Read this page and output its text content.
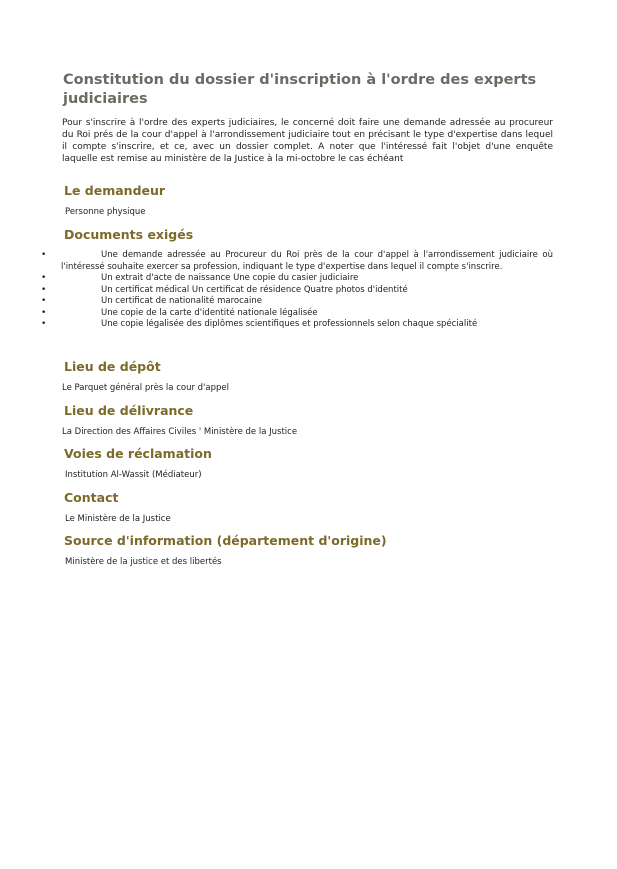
Constitution du dossier d'inscription à l'ordre des experts judiciaires

Pour s'inscrire à l'ordre des experts judiciaires, le concerné doit faire une demande adressée au procureur du Roi prés de la cour d'appel à l'arrondissement judiciaire tout en précisant le type d'expertise dans lequel il compte s'inscrire, et ce, avec un dossier complet. A noter que l'intéressé fait l'objet d'une enquête laquelle est remise au ministère de la Justice à la mi-octobre le cas échéant

Le demandeur

Personne physique

Documents exigés
•	Une demande adressée au Procureur du Roi près de la cour d'appel à l'arrondissement judiciaire où l'intéressé souhaite exercer sa profession, indiquant le type d'expertise dans lequel il compte s'inscrire.
•	Un extrait d'acte de naissance Une copie du casier judiciaire
•	Un certificat médical Un certificat de résidence Quatre photos d'identité
•	Un certificat de nationalité marocaine
•	Une copie de la carte d'identité nationale légalisée
•	Une copie légalisée des diplômes scientifiques et professionnels selon chaque spécialité
Lieu de dépôt

Le Parquet général près la cour d'appel

Lieu de délivrance

La Direction des Affaires Civiles ' Ministère de la Justice

Voies de réclamation

Institution Al-Wassit (Médiateur)

Contact

Le Ministère de la Justice

Source d'information (département d'origine)

Ministère de la justice et des libertés
